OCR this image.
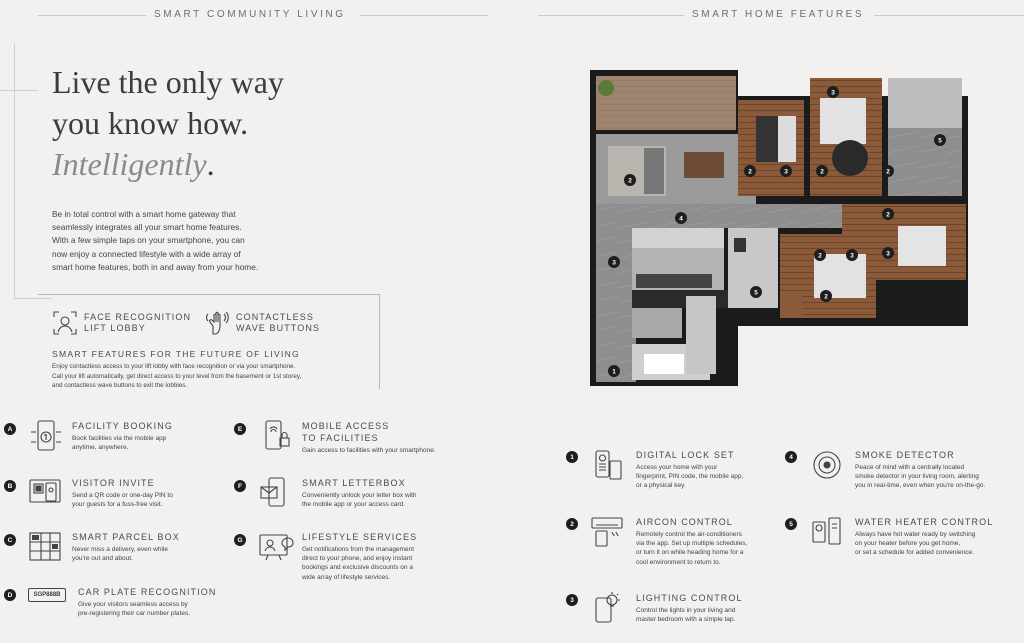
SMART COMMUNITY LIVING	SMART HOME FEATURES
Live the only way
you know how.
Intelligently.
Be in total control with a smart home gateway that
seamlessly integrates all your smart home features.
With a few simple taps on your smartphone, you can
now enjoy a connected lifestyle with a wide array of
smart home features, both in and away from your home.
FACE RECOGNITION
LIFT LOBBY
CONTACTLESS
WAVE BUTTONS
SMART FEATURES FOR THE FUTURE OF LIVING
Enjoy contactless access to your lift lobby with face recognition or via your smartphone.
Call your lift automatically, get direct access to your level from the basement or 1st storey,
and contactless wave buttons to exit the lobbies.
A	FACILITY BOOKING
Book facilities via the mobile app
anytime, anywhere.
B	VISITOR INVITE
Send a QR code or one-day PIN to
your guests for a fuss-free visit.
C	SMART PARCEL BOX
Never miss a delivery, even while
you're out and about.
D	SGP888B	CAR PLATE RECOGNITION
Give your visitors seamless access by
pre-registering their car number plates.
E	MOBILE ACCESS
TO FACILITIES
Gain access to facilities with your smartphone.
F	SMART LETTERBOX
Conveniently unlock your letter box with
the mobile app or your access card.
G	LIFESTYLE SERVICES
Get notifications from the management
direct to your phone, and enjoy instant
bookings and exclusive discounts on a
wide array of lifestyle services.
3
2
2	3	2
5
2
4
3
2	3
2
3
2
5
1
1	DIGITAL LOCK SET
Access your home with your
fingerprint, PIN code, the mobile app,
or a physical key.
2	AIRCON CONTROL
Remotely control the air-conditioners
via the app. Set up multiple schedules,
or turn it on while heading home for a
cool environment to return to.
3	LIGHTING CONTROL
Control the lights in your living and
master bedroom with a simple tap.
4	SMOKE DETECTOR
Peace of mind with a centrally located
smoke detector in your living room, alerting
you in real-time, even when you're on-the-go.
5	WATER HEATER CONTROL
Always have hot water ready by switching
on your heater before you get home,
or set a schedule for added convenience.
